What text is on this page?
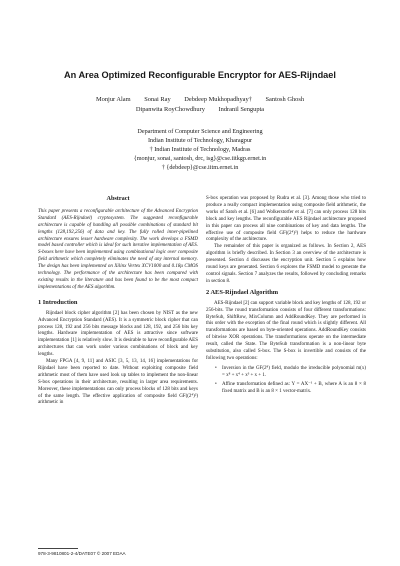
An Area Optimized Reconfigurable Encryptor for AES-Rijndael
Monjur Alam Sonai Ray Debdeep Mukhopadhyay† Santosh Ghosh
Dipanwita RoyChowdhury Indranil Sengupta
Department of Computer Science and Engineering
Indian Institute of Technology, Kharagpur
† Indian Institute of Technology, Madras
{monjur, sonai, santosh, drc, isg}@cse.iitkgp.ernet.in
† {debdeep}@cse.iitm.ernet.in
Abstract

This paper presents a reconfigurable architecture of the Advanced Encryption Standard (AES-Rijndael) cryptosystem. The suggested reconfigurable architecture is capable of handling all possible combinations of standard bit lengths (128,192,256) of data and key. The fully rolled inner-pipelined architecture ensures lesser hardware complexity. The work develops a FSMD model based controller which is ideal for such iterative implementation of AES. S-boxes here have been implemented using combinational logic over composite field arithmetic which completely eliminates the need of any internal memory. The design has been implemented on Xilinx Vertex XCV1000 and 0.18μ CMOS technology. The performance of the architecture has been compared with existing results in the literature and has been found to be the most compact implementations of the AES algorithm.

1 Introduction

Rijndael block cipher algorithm [2] has been chosen by NIST as the new Advanced Encryption Standard (AES). It is a symmetric block cipher that can process 128, 192 and 256 bits message blocks and 128, 192, and 256 bits key lengths. Hardware implementation of AES is attractive since software implementation [1] is relatively slow. It is desirable to have reconfigurable AES architectures that can work under various combinations of block and key lengths.

Many FPGA [4, 9, 11] and ASIC [3, 5, 13, 14, 16] implementations for Rijndael have been reported to date. Without exploiting composite field arithmetic most of them have used look up tables to implement the non-linear S-box operations in their architecture, resulting in larger area requirements. Moreover, these implementations can only process blocks of 128 bits and keys of the same length. The effective application of composite field GF((2⁴)²) arithmetic in

S-box operation was proposed by Rudra et al. [3]. Among those who tried to produce a really compact implementation using composite field arithmetic, the works of Satoh et al. [6] and Wolkerstorfer et al. [7] can only process 128 bits block and key lengths. The reconfigurable AES Rijndael architecture proposed in this paper can process all nine combinations of key and data lengths. The effective use of composite field GF((2⁴)²) helps to reduce the hardware complexity of the architecture.

The remainder of this paper is organized as follows. In Section 2, AES algorithm is briefly described. In Section 3 an overview of the architecture is presented. Section 4 discusses the encryption unit. Section 5 explains how round keys are generated. Section 6 explores the FSMD model to generate the control signals. Section 7 analyzes the results, followed by concluding remarks in section 8.

2 AES-Rijndael Algorithm

AES-Rijndael [2] can support variable block and key lengths of 128, 192 or 256-bits. The round transformation consists of four different transformations: ByteSub, ShiftRow, MixColumn and AddRoundKey. They are performed in this order with the exception of the final round which is slightly different. All transformations are based on byte-oriented operations. AddRoundKey consists of bitwise XOR operations. The transformations operate on the intermediate result, called the State. The ByteSub transformation is a non-linear byte substitution, also called S-box. The S-box is invertible and consists of the following two operations:

• Inversion in the GF(2⁸) field, modulo the irreducible polynomial m(x) = x⁸ + x⁴ + x³ + x + 1.
• Affine transformation defined as: Y = AX⁻¹ + B, where A is an 8 × 8 fixed matrix and B is an 8 × 1 vector-matrix.
978-3-9810801-2-4/DATE07 © 2007 EDAA
